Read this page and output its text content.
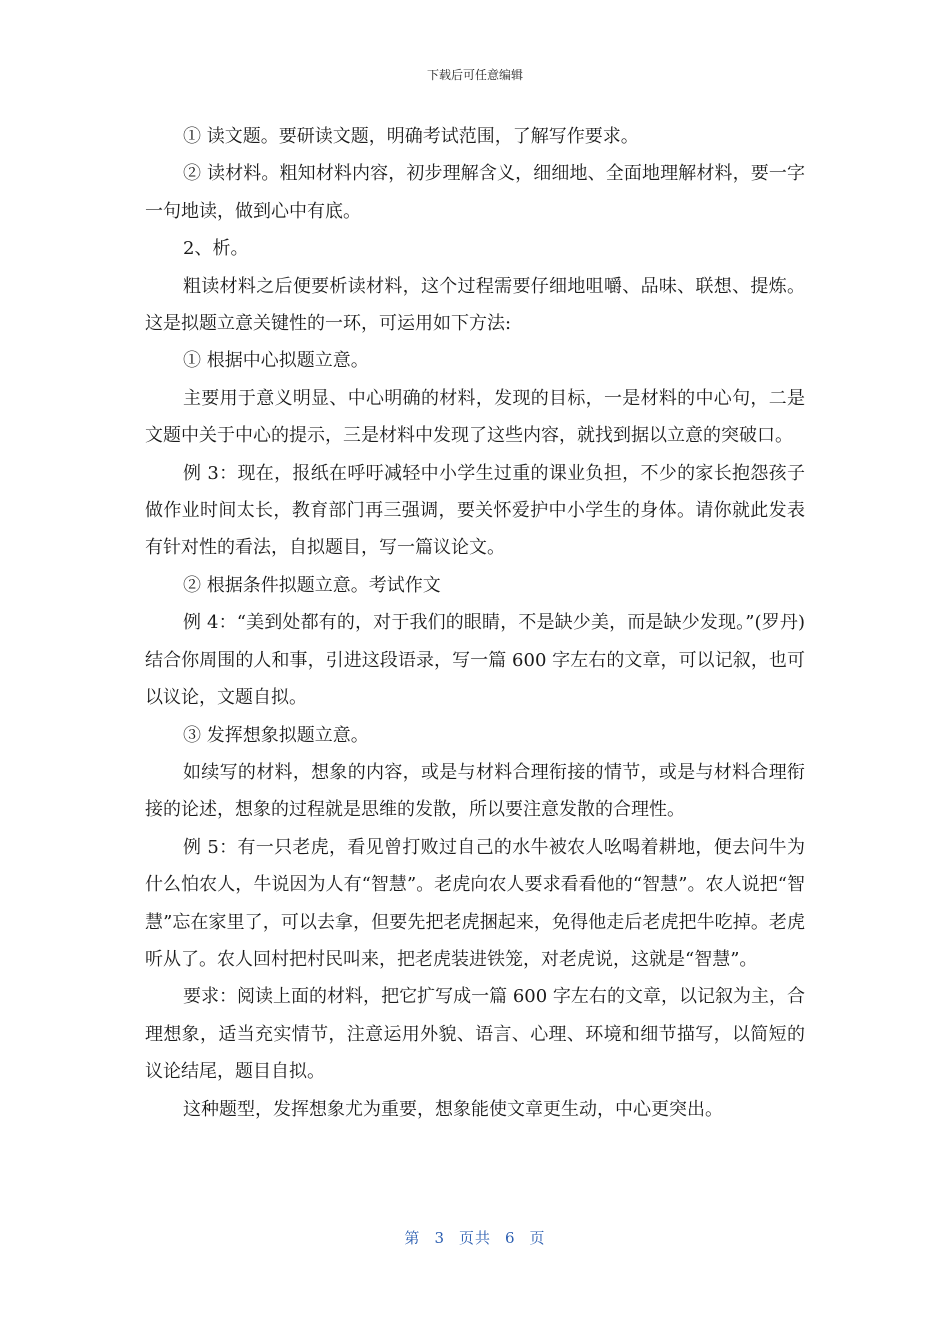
下载后可任意编辑

① 读文题。要研读文题，明确考试范围，了解写作要求。

② 读材料。粗知材料内容，初步理解含义，细细地、全面地理解材料，要一字一句地读，做到心中有底。

2、析。

粗读材料之后便要析读材料，这个过程需要仔细地咀嚼、品味、联想、提炼。这是拟题立意关键性的一环，可运用如下方法:

① 根据中心拟题立意。

主要用于意义明显、中心明确的材料，发现的目标，一是材料的中心句，二是文题中关于中心的提示，三是材料中发现了这些内容，就找到据以立意的突破口。

例 3：现在，报纸在呼吁减轻中小学生过重的课业负担，不少的家长抱怨孩子做作业时间太长，教育部门再三强调，要关怀爱护中小学生的身体。请你就此发表有针对性的看法，自拟题目，写一篇议论文。

② 根据条件拟题立意。考试作文

例 4：“美到处都有的，对于我们的眼睛，不是缺少美，而是缺少发现。”(罗丹)结合你周围的人和事，引进这段语录，写一篇 600 字左右的文章，可以记叙，也可以议论，文题自拟。

③ 发挥想象拟题立意。

如续写的材料，想象的内容，或是与材料合理衔接的情节，或是与材料合理衔接的论述，想象的过程就是思维的发散，所以要注意发散的合理性。

例 5：有一只老虎，看见曾打败过自己的水牛被农人吆喝着耕地，便去问牛为什么怕农人，牛说因为人有“智慧”。老虎向农人要求看看他的“智慧”。农人说把“智慧”忘在家里了，可以去拿，但要先把老虎捆起来，免得他走后老虎把牛吃掉。老虎听从了。农人回村把村民叫来，把老虎装进铁笼，对老虎说，这就是“智慧”。

要求：阅读上面的材料，把它扩写成一篇 600 字左右的文章，以记叙为主，合理想象，适当充实情节，注意运用外貌、语言、心理、环境和细节描写，以简短的议论结尾，题目自拟。

这种题型，发挥想象尤为重要，想象能使文章更生动，中心更突出。

第 3 页共 6 页
